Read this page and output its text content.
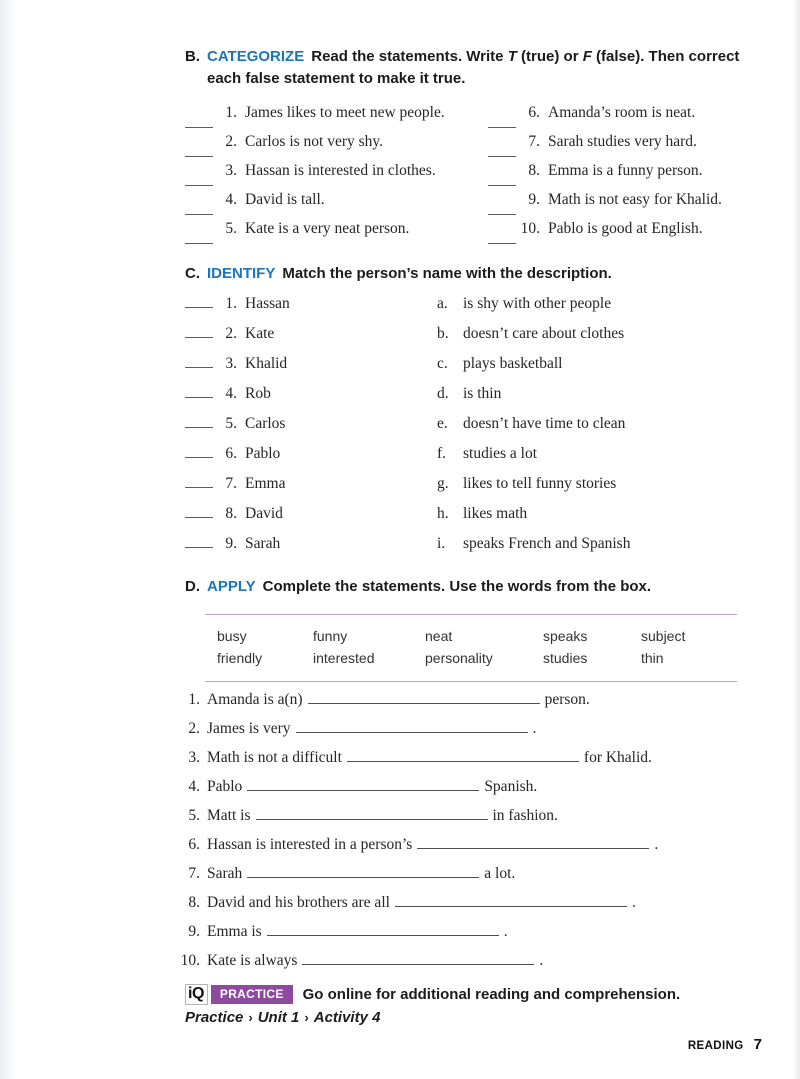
B. CATEGORIZE Read the statements. Write T (true) or F (false). Then correct
each false statement to make it true.
1. James likes to meet new people.
2. Carlos is not very shy.
3. Hassan is interested in clothes.
4. David is tall.
5. Kate is a very neat person.
6. Amanda’s room is neat.
7. Sarah studies very hard.
8. Emma is a funny person.
9. Math is not easy for Khalid.
10. Pablo is good at English.
C. IDENTIFY Match the person’s name with the description.
1. Hassan	a. is shy with other people
2. Kate	b. doesn’t care about clothes
3. Khalid	c. plays basketball
4. Rob	d. is thin
5. Carlos	e. doesn’t have time to clean
6. Pablo	f.	studies a lot
7. Emma	g. likes to tell funny stories
8. David	h. likes math
9. Sarah	i.	speaks French and Spanish
D. APPLY Complete the statements. Use the words from the box.
busy	funny	neat	speaks	subject
friendly	interested	personality	studies	thin
1. Amanda is a(n)	person.
2. James is very	.
3. Math is not a difficult	for Khalid.
4. Pablo	Spanish.
5. Matt is	in fashion.
6. Hassan is interested in a person’s	.
7. Sarah	a lot.
8. David and his brothers are all	.
9. Emma is	.
10. Kate is always	.
iQ	PRACTICE	Go online for additional reading and comprehension.
Practice › Unit 1 › Activity 4
READING 7
